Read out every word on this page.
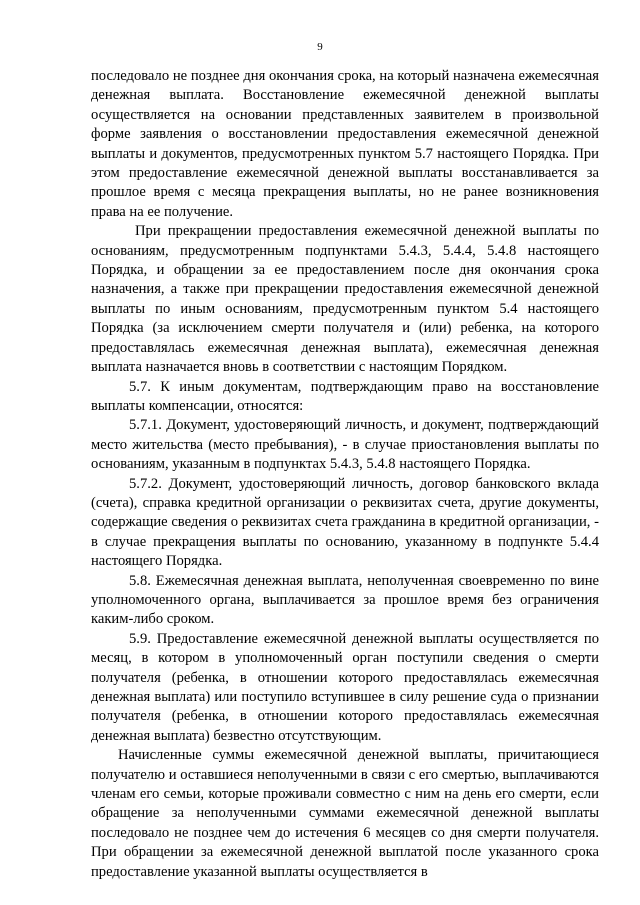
9

последовало не позднее дня окончания срока, на который назначена ежемесячная денежная выплата. Восстановление ежемесячной денежной выплаты осуществляется на основании представленных заявителем в произвольной форме заявления о восстановлении предоставления ежемесячной денежной выплаты и документов, предусмотренных пунктом 5.7 настоящего Порядка. При этом предоставление ежемесячной денежной выплаты восстанавливается за прошлое время с месяца прекращения выплаты, но не ранее возникновения права на ее получение.

При прекращении предоставления ежемесячной денежной выплаты по основаниям, предусмотренным подпунктами 5.4.3, 5.4.4, 5.4.8 настоящего Порядка, и обращении за ее предоставлением после дня окончания срока назначения, а также при прекращении предоставления ежемесячной денежной выплаты по иным основаниям, предусмотренным пунктом 5.4 настоящего Порядка (за исключением смерти получателя и (или) ребенка, на которого предоставлялась ежемесячная денежная выплата), ежемесячная денежная выплата назначается вновь в соответствии с настоящим Порядком.

5.7. К иным документам, подтверждающим право на восстановление выплаты компенсации, относятся:

5.7.1. Документ, удостоверяющий личность, и документ, подтверждающий место жительства (место пребывания), - в случае приостановления выплаты по основаниям, указанным в подпунктах 5.4.3, 5.4.8 настоящего Порядка.

5.7.2. Документ, удостоверяющий личность, договор банковского вклада (счета), справка кредитной организации о реквизитах счета, другие документы, содержащие сведения о реквизитах счета гражданина в кредитной организации, - в случае прекращения выплаты по основанию, указанному в подпункте 5.4.4 настоящего Порядка.

5.8. Ежемесячная денежная выплата, неполученная своевременно по вине уполномоченного органа, выплачивается за прошлое время без ограничения каким-либо сроком.

5.9. Предоставление ежемесячной денежной выплаты осуществляется по месяц, в котором в уполномоченный орган поступили сведения о смерти получателя (ребенка, в отношении которого предоставлялась ежемесячная денежная выплата) или поступило вступившее в силу решение суда о признании получателя (ребенка, в отношении которого предоставлялась ежемесячная денежная выплата) безвестно отсутствующим.

Начисленные суммы ежемесячной денежной выплаты, причитающиеся получателю и оставшиеся неполученными в связи с его смертью, выплачиваются членам его семьи, которые проживали совместно с ним на день его смерти, если обращение за неполученными суммами ежемесячной денежной выплаты последовало не позднее чем до истечения 6 месяцев со дня смерти получателя. При обращении за ежемесячной денежной выплатой после указанного срока предоставление указанной выплаты осуществляется в
